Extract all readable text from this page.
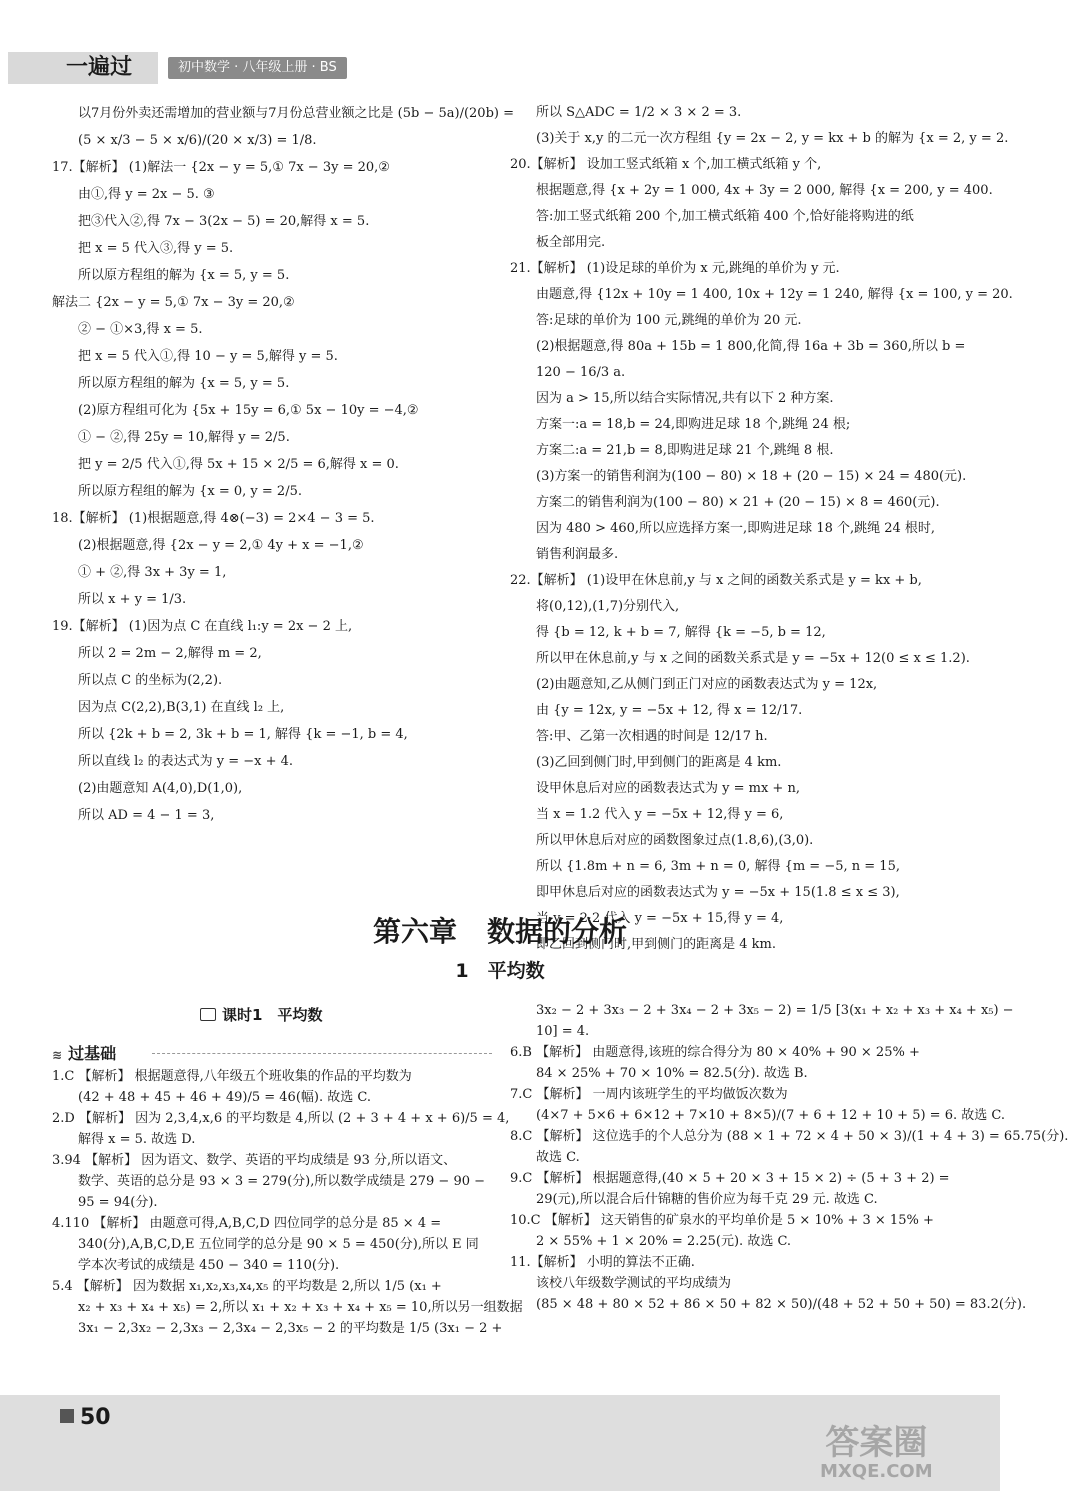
一遍过	初中数学 · 八年级上册 · BS
以7月份外卖还需增加的营业额与7月份总营业额之比是 (5b − 5a)/(20b) =
(5 × x/3 − 5 × x/6)/(20 × x/3) = 1/8.
17.【解析】 (1)解法一 {2x − y = 5,① 7x − 3y = 20,②
由①,得 y = 2x − 5. ③
把③代入②,得 7x − 3(2x − 5) = 20,解得 x = 5.
把 x = 5 代入③,得 y = 5.
所以原方程组的解为 {x = 5, y = 5.
解法二 {2x − y = 5,① 7x − 3y = 20,②
② − ①×3,得 x = 5.
把 x = 5 代入①,得 10 − y = 5,解得 y = 5.
所以原方程组的解为 {x = 5, y = 5.
(2)原方程组可化为 {5x + 15y = 6,① 5x − 10y = −4,②
① − ②,得 25y = 10,解得 y = 2/5.
把 y = 2/5 代入①,得 5x + 15 × 2/5 = 6,解得 x = 0.
所以原方程组的解为 {x = 0, y = 2/5.
18.【解析】 (1)根据题意,得 4⊗(−3) = 2×4 − 3 = 5.
(2)根据题意,得 {2x − y = 2,① 4y + x = −1,②
① + ②,得 3x + 3y = 1,
所以 x + y = 1/3.
19.【解析】 (1)因为点 C 在直线 l₁:y = 2x − 2 上,
所以 2 = 2m − 2,解得 m = 2,
所以点 C 的坐标为(2,2).
因为点 C(2,2),B(3,1) 在直线 l₂ 上,
所以 {2k + b = 2, 3k + b = 1, 解得 {k = −1, b = 4,
所以直线 l₂ 的表达式为 y = −x + 4.
(2)由题意知 A(4,0),D(1,0),
所以 AD = 4 − 1 = 3,
所以 S△ADC = 1/2 × 3 × 2 = 3.
(3)关于 x,y 的二元一次方程组 {y = 2x − 2, y = kx + b 的解为 {x = 2, y = 2.
20.【解析】 设加工竖式纸箱 x 个,加工横式纸箱 y 个,
根据题意,得 {x + 2y = 1 000, 4x + 3y = 2 000, 解得 {x = 200, y = 400.
答:加工竖式纸箱 200 个,加工横式纸箱 400 个,恰好能将购进的纸
板全部用完.
21.【解析】 (1)设足球的单价为 x 元,跳绳的单价为 y 元.
由题意,得 {12x + 10y = 1 400, 10x + 12y = 1 240, 解得 {x = 100, y = 20.
答:足球的单价为 100 元,跳绳的单价为 20 元.
(2)根据题意,得 80a + 15b = 1 800,化简,得 16a + 3b = 360,所以 b =
120 − 16/3 a.
因为 a > 15,所以结合实际情况,共有以下 2 种方案.
方案一:a = 18,b = 24,即购进足球 18 个,跳绳 24 根;
方案二:a = 21,b = 8,即购进足球 21 个,跳绳 8 根.
(3)方案一的销售利润为(100 − 80) × 18 + (20 − 15) × 24 = 480(元).
方案二的销售利润为(100 − 80) × 21 + (20 − 15) × 8 = 460(元).
因为 480 > 460,所以应选择方案一,即购进足球 18 个,跳绳 24 根时,
销售利润最多.
22.【解析】 (1)设甲在休息前,y 与 x 之间的函数关系式是 y = kx + b,
将(0,12),(1,7)分别代入,
得 {b = 12, k + b = 7, 解得 {k = −5, b = 12,
所以甲在休息前,y 与 x 之间的函数关系式是 y = −5x + 12(0 ≤ x ≤ 1.2).
(2)由题意知,乙从侧门到正门对应的函数表达式为 y = 12x,
由 {y = 12x, y = −5x + 12, 得 x = 12/17.
答:甲、乙第一次相遇的时间是 12/17 h.
(3)乙回到侧门时,甲到侧门的距离是 4 km.
设甲休息后对应的函数表达式为 y = mx + n,
当 x = 1.2 代入 y = −5x + 12,得 y = 6,
所以甲休息后对应的函数图象过点(1.8,6),(3,0).
所以 {1.8m + n = 6, 3m + n = 0, 解得 {m = −5, n = 15,
即甲休息后对应的函数表达式为 y = −5x + 15(1.8 ≤ x ≤ 3),
当 y = 2.2 代入 y = −5x + 15,得 y = 4,
即乙回到侧门时,甲到侧门的距离是 4 km.
第六章 数据的分析
1　平均数
课时1　平均数
≋ 过基础
1.C 【解析】 根据题意得,八年级五个班收集的作品的平均数为
(42 + 48 + 45 + 46 + 49)/5 = 46(幅). 故选 C.
2.D 【解析】 因为 2,3,4,x,6 的平均数是 4,所以 (2 + 3 + 4 + x + 6)/5 = 4,
解得 x = 5. 故选 D.
3.94 【解析】 因为语文、数学、英语的平均成绩是 93 分,所以语文、
数学、英语的总分是 93 × 3 = 279(分),所以数学成绩是 279 − 90 −
95 = 94(分).
4.110 【解析】 由题意可得,A,B,C,D 四位同学的总分是 85 × 4 =
340(分),A,B,C,D,E 五位同学的总分是 90 × 5 = 450(分),所以 E 同
学本次考试的成绩是 450 − 340 = 110(分).
5.4 【解析】 因为数据 x₁,x₂,x₃,x₄,x₅ 的平均数是 2,所以 1/5 (x₁ +
x₂ + x₃ + x₄ + x₅) = 2,所以 x₁ + x₂ + x₃ + x₄ + x₅ = 10,所以另一组数据
3x₁ − 2,3x₂ − 2,3x₃ − 2,3x₄ − 2,3x₅ − 2 的平均数是 1/5 (3x₁ − 2 +
3x₂ − 2 + 3x₃ − 2 + 3x₄ − 2 + 3x₅ − 2) = 1/5 [3(x₁ + x₂ + x₃ + x₄ + x₅) −
10] = 4.
6.B 【解析】 由题意得,该班的综合得分为 80 × 40% + 90 × 25% +
84 × 25% + 70 × 10% = 82.5(分). 故选 B.
7.C 【解析】 一周内该班学生的平均做饭次数为
(4×7 + 5×6 + 6×12 + 7×10 + 8×5)/(7 + 6 + 12 + 10 + 5) = 6. 故选 C.
8.C 【解析】 这位选手的个人总分为 (88 × 1 + 72 × 4 + 50 × 3)/(1 + 4 + 3) = 65.75(分).
故选 C.
9.C 【解析】 根据题意得,(40 × 5 + 20 × 3 + 15 × 2) ÷ (5 + 3 + 2) =
29(元),所以混合后什锦糖的售价应为每千克 29 元. 故选 C.
10.C 【解析】 这天销售的矿泉水的平均单价是 5 × 10% + 3 × 15% +
2 × 55% + 1 × 20% = 2.25(元). 故选 C.
11.【解析】 小明的算法不正确.
该校八年级数学测试的平均成绩为
(85 × 48 + 80 × 52 + 86 × 50 + 82 × 50)/(48 + 52 + 50 + 50) = 83.2(分).
50
答案圈
MXQE.COM
